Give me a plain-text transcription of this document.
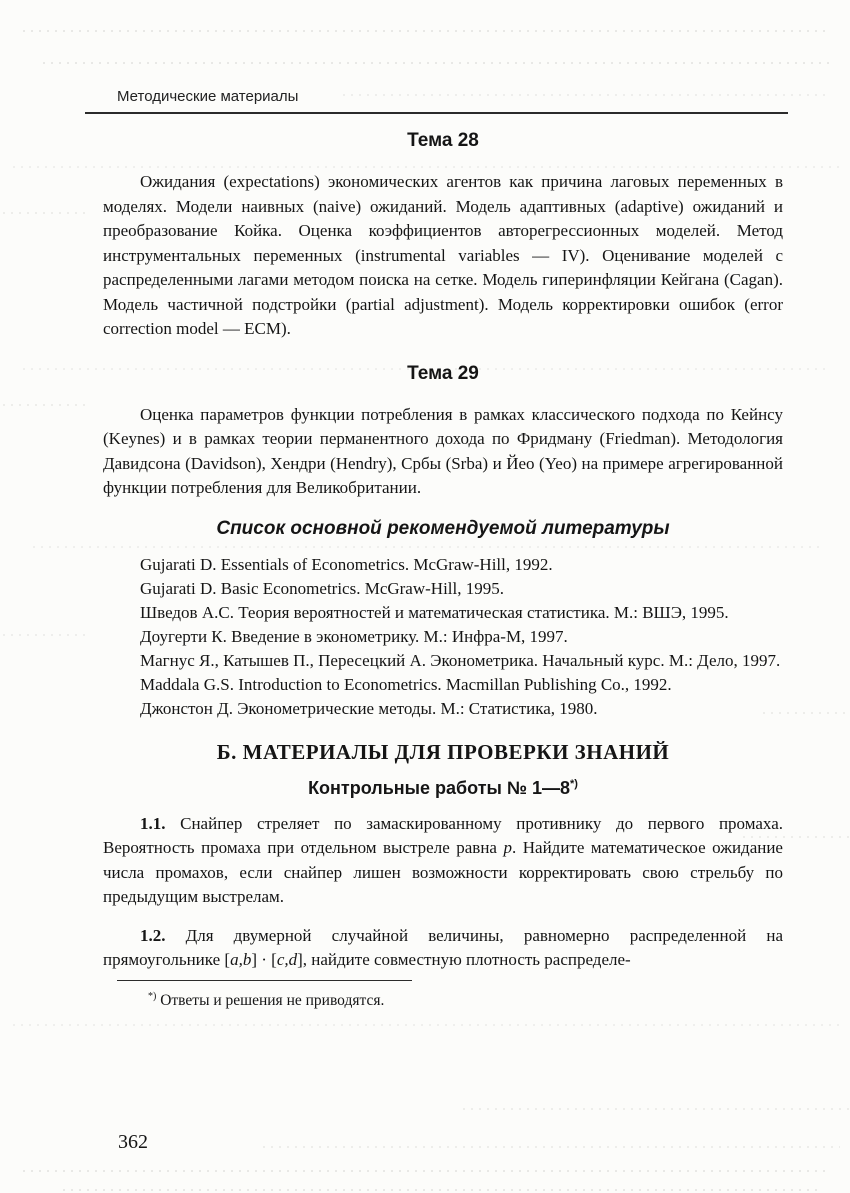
Методические материалы
Тема 28

Ожидания (expectations) экономических агентов как причина лаговых переменных в моделях. Модели наивных (naive) ожиданий. Модель адаптивных (adaptive) ожиданий и преобразование Койка. Оценка коэффициентов авторегрессионных моделей. Метод инструментальных переменных (instrumental variables — IV). Оценивание моделей с распределенными лагами методом поиска на сетке. Модель гиперинфляции Кейгана (Cagan). Модель частичной подстройки (partial adjustment). Модель корректировки ошибок (error correction model — ECM).

Тема 29

Оценка параметров функции потребления в рамках классического подхода по Кейнсу (Keynes) и в рамках теории перманентного дохода по Фридману (Friedman). Методология Давидсона (Davidson), Хендри (Hendry), Србы (Srba) и Йео (Yeo) на примере агрегированной функции потребления для Великобритании.

Список основной рекомендуемой литературы

Gujarati D. Essentials of Econometrics. McGraw-Hill, 1992.

Gujarati D. Basic Econometrics. McGraw-Hill, 1995.

Шведов А.С. Теория вероятностей и математическая статистика. М.: ВШЭ, 1995.

Доугерти К. Введение в эконометрику. М.: Инфра-М, 1997.

Магнус Я., Катышев П., Пересецкий А. Эконометрика. Начальный курс. М.: Дело, 1997.

Maddala G.S. Introduction to Econometrics. Macmillan Publishing Co., 1992.

Джонстон Д. Эконометрические методы. М.: Статистика, 1980.

Б. МАТЕРИАЛЫ ДЛЯ ПРОВЕРКИ ЗНАНИЙ
Контрольные работы № 1—8*)

1.1. Снайпер стреляет по замаскированному противнику до первого промаха. Вероятность промаха при отдельном выстреле равна p. Найдите математическое ожидание числа промахов, если снайпер лишен возможности корректировать свою стрельбу по предыдущим выстрелам.

1.2. Для двумерной случайной величины, равномерно распределенной на прямоугольнике [a,b] · [c,d], найдите совместную плотность распределе-

*) Ответы и решения не приводятся.

362
